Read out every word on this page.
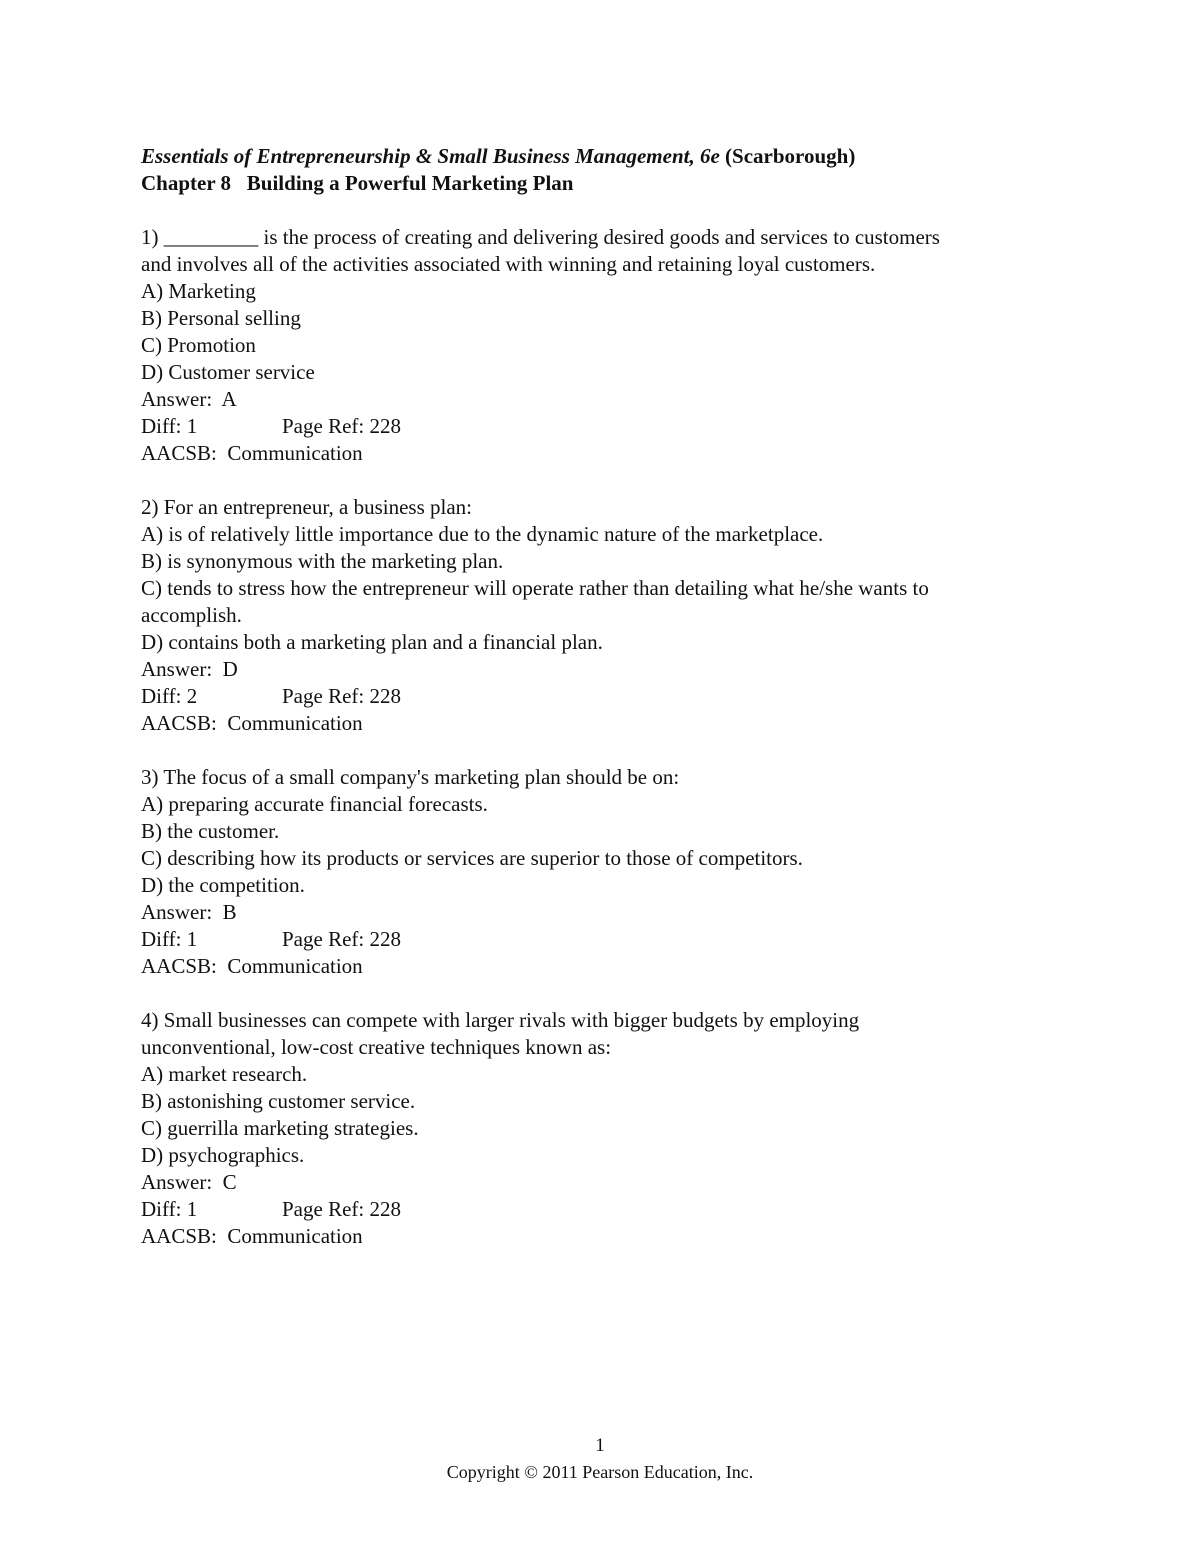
Essentials of Entrepreneurship & Small Business Management, 6e (Scarborough)
Chapter 8   Building a Powerful Marketing Plan
1) _________ is the process of creating and delivering desired goods and services to customers
and involves all of the activities associated with winning and retaining loyal customers.
A) Marketing
B) Personal selling
C) Promotion
D) Customer service
Answer:  A
Diff: 1	Page Ref: 228
AACSB:  Communication
2) For an entrepreneur, a business plan:
A) is of relatively little importance due to the dynamic nature of the marketplace.
B) is synonymous with the marketing plan.
C) tends to stress how the entrepreneur will operate rather than detailing what he/she wants to
accomplish.
D) contains both a marketing plan and a financial plan.
Answer:  D
Diff: 2	Page Ref: 228
AACSB:  Communication
3) The focus of a small company's marketing plan should be on:
A) preparing accurate financial forecasts.
B) the customer.
C) describing how its products or services are superior to those of competitors.
D) the competition.
Answer:  B
Diff: 1	Page Ref: 228
AACSB:  Communication
4) Small businesses can compete with larger rivals with bigger budgets by employing
unconventional, low-cost creative techniques known as:
A) market research.
B) astonishing customer service.
C) guerrilla marketing strategies.
D) psychographics.
Answer:  C
Diff: 1	Page Ref: 228
AACSB:  Communication
1
Copyright © 2011 Pearson Education, Inc.
